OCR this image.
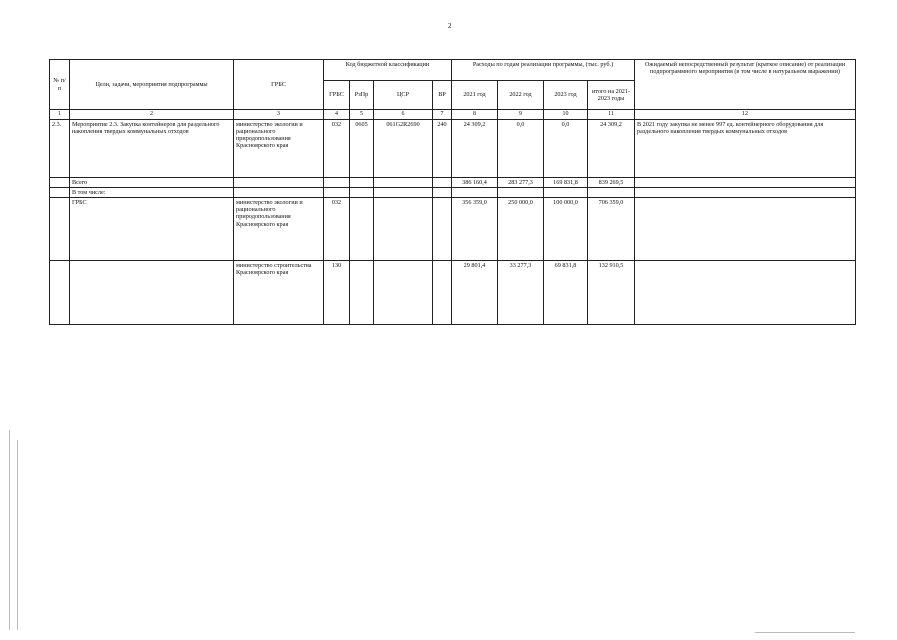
2
№ п/п	Цели, задачи, мероприятия подпрограммы	ГРБС	Код бюджетной классификации				Расходы по годам реализации программы, (тыс. руб.)				Ожидаемый непосредственный результат (краткое описание) от реализации подпрограммного мероприятия (в том числе в натуральном выражении)
			ГРБС	РзПр	ЦСР	ВР	2021 год	2022 год	2023 год	итого на 2021-2023 годы	
1	2	3	4	5	6	7	8	9	10	11	12
2.3.	Мероприятие 2.3. Закупка контейнеров для раздельного накопления твердых коммунальных отходов	министерство экологии и рационального природопользования Красноярского края	032	0605	061G2R2690	240	24 309,2	0,0	0,0	24 309,2	В 2021 году закупка не менее 997 ед. контейнерного оборудования для раздельного накопления твердых коммунальных отходов
	Всего						386 160,4	283 277,3	169 831,8	839 269,5	
	В том числе:										
	ГРБС	министерство экологии и рационального природопользования Красноярского края	032				356 359,0	250 000,0	100 000,0	706 359,0	
		министерство строительства Красноярского края	130				29 801,4	33 277,3	69 831,8	132 910,5	
